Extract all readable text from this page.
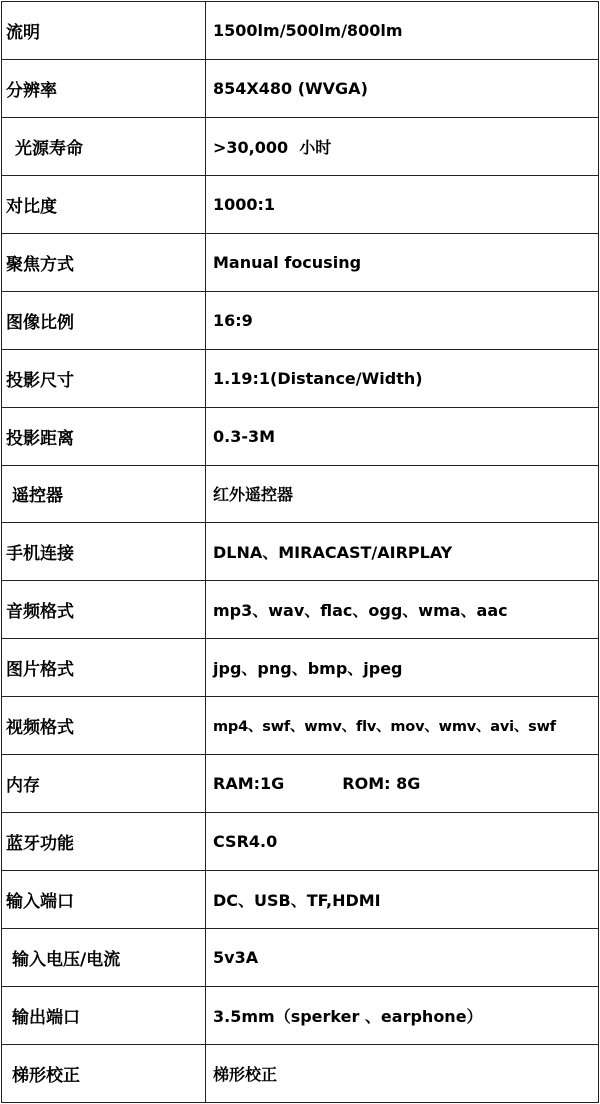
流明	1500lm/500lm/800lm
分辨率	854X480 (WVGA)
光源寿命	>30,000  小时
对比度	1000:1
聚焦方式	Manual focusing
图像比例	16:9
投影尺寸	1.19:1(Distance/Width)
投影距离	0.3-3M
遥控器	红外遥控器
手机连接	DLNA、MIRACAST/AIRPLAY
音频格式	mp3、wav、flac、ogg、wma、aac
图片格式	jpg、png、bmp、jpeg
视频格式	mp4、swf、wmv、flv、mov、wmv、avi、swf
内存	RAM:1G ROM: 8G
蓝牙功能	CSR4.0
输入端口	DC、USB、TF,HDMI
输入电压/电流	5v3A
输出端口	3.5mm（sperker 、earphone）
梯形校正	梯形校正
